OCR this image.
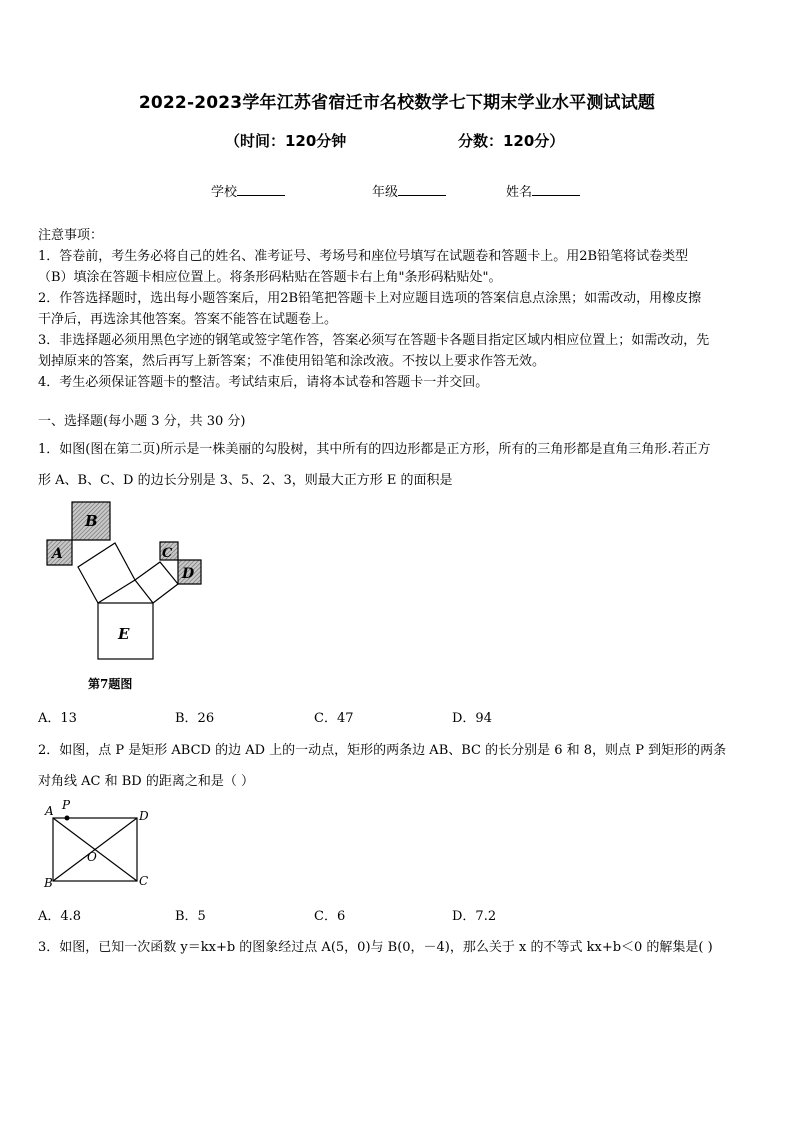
2022-2023学年江苏省宿迁市名校数学七下期末学业水平测试试题
（时间：120分钟	分数：120分）
学校	年级	姓名
注意事项：
1．答卷前，考生务必将自己的姓名、准考证号、考场号和座位号填写在试题卷和答题卡上。用2B铅笔将试卷类型
（B）填涂在答题卡相应位置上。将条形码粘贴在答题卡右上角"条形码粘贴处"。
2．作答选择题时，选出每小题答案后，用2B铅笔把答题卡上对应题目选项的答案信息点涂黑；如需改动，用橡皮擦
干净后，再选涂其他答案。答案不能答在试题卷上。
3．非选择题必须用黑色字迹的钢笔或签字笔作答，答案必须写在答题卡各题目指定区域内相应位置上；如需改动，先
划掉原来的答案，然后再写上新答案；不准使用铅笔和涂改液。不按以上要求作答无效。
4．考生必须保证答题卡的整洁。考试结束后，请将本试卷和答题卡一并交回。
一、选择题(每小题 3 分，共 30 分)
1．如图(图在第二页)所示是一株美丽的勾股树，其中所有的四边形都是正方形，所有的三角形都是直角三角形.若正方
形 A、B、C、D 的边长分别是 3、5、2、3，则最大正方形 E 的面积是
B
A	C
D
E
第7题图
A．13	B．26	C．47	D．94
2．如图，点 P 是矩形 ABCD 的边 AD 上的一动点，矩形的两条边 AB、BC 的长分别是 6 和 8，则点 P 到矩形的两条
对角线 AC 和 BD 的距离之和是（ ）
A P
D
O
B	C
A．4.8	B．5	C．6	D．7.2
3．如图，已知一次函数 y＝kx+b 的图象经过点 A(5，0)与 B(0，－4)，那么关于 x 的不等式 kx+b＜0 的解集是( )
